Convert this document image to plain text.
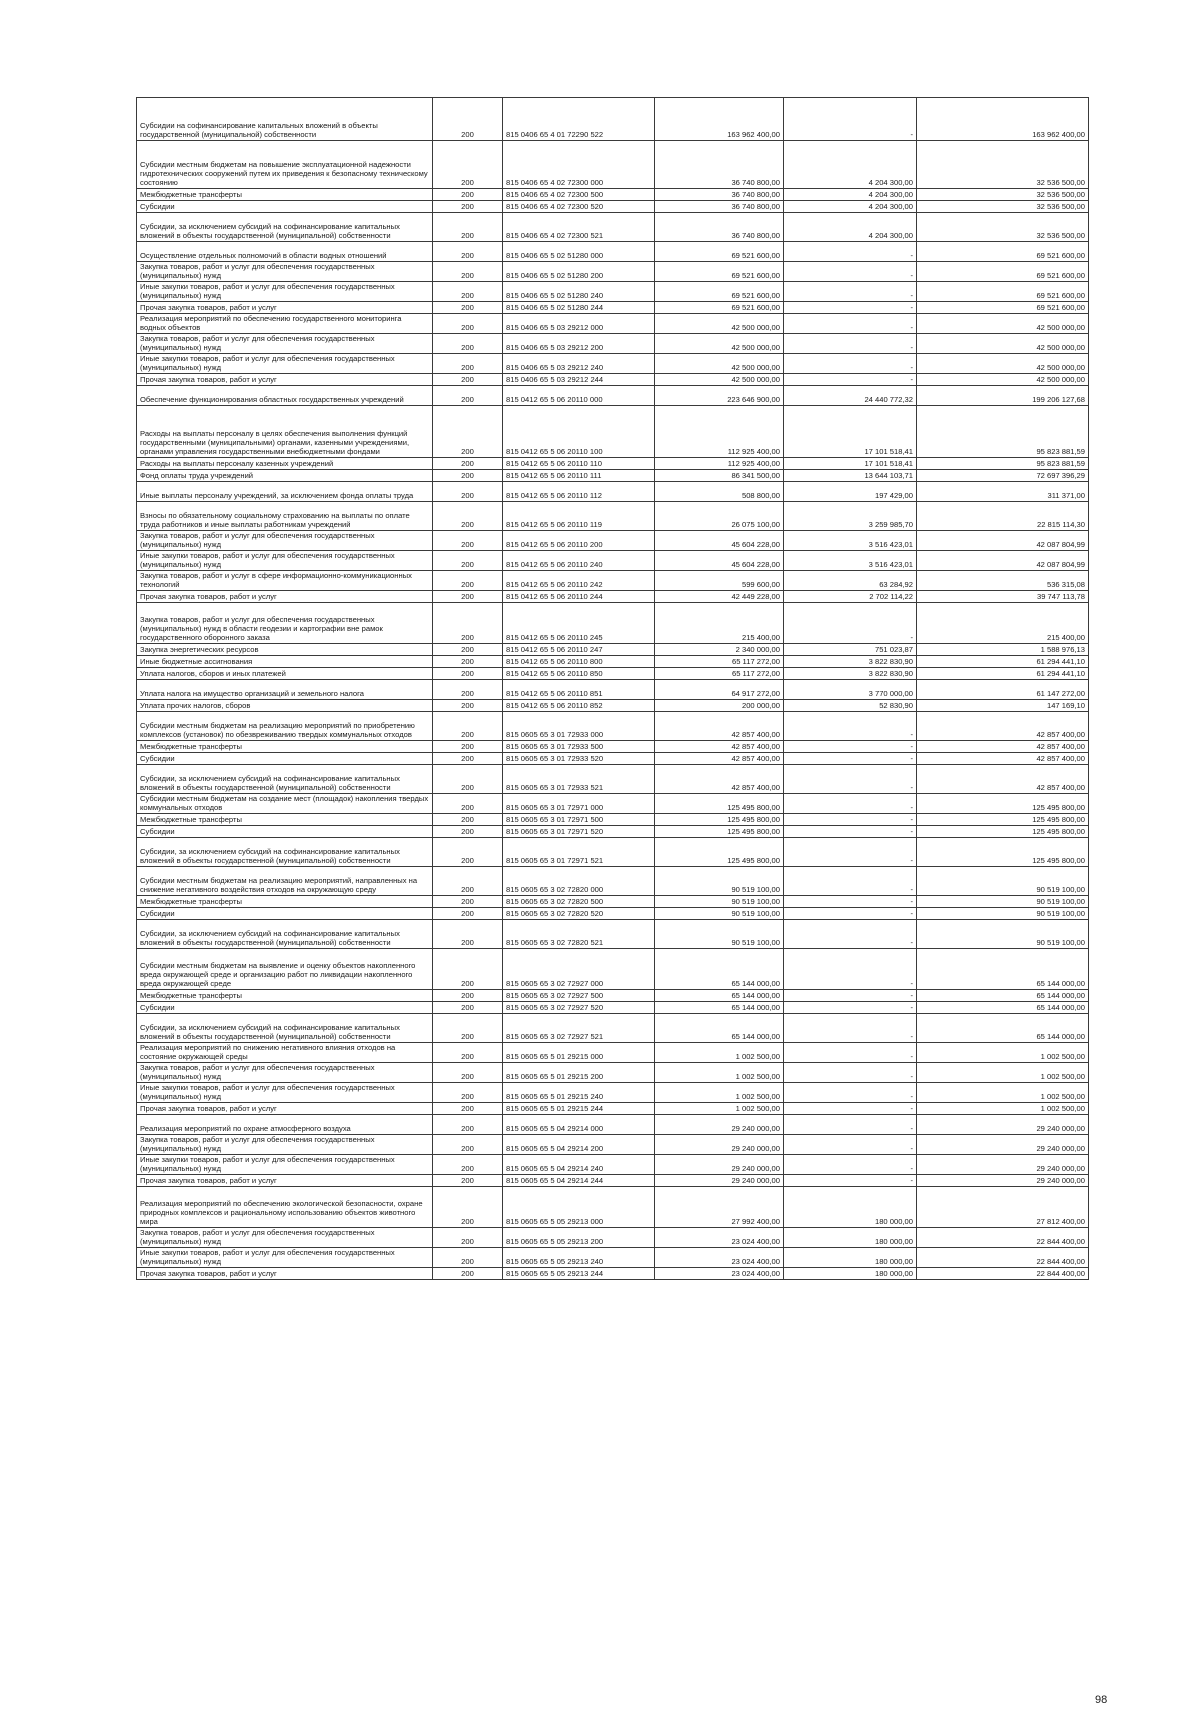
Субсидии на софинансирование капитальных вложений в объекты государственной (муниципальной) собственности	200	815 0406 65 4 01 72290 522	163 962 400,00	-	163 962 400,00
Субсидии местным бюджетам на повышение эксплуатационной надежности гидротехнических сооружений путем их приведения к безопасному техническому состоянию	200	815 0406 65 4 02 72300 000	36 740 800,00	4 204 300,00	32 536 500,00
Межбюджетные трансферты	200	815 0406 65 4 02 72300 500	36 740 800,00	4 204 300,00	32 536 500,00
Субсидии	200	815 0406 65 4 02 72300 520	36 740 800,00	4 204 300,00	32 536 500,00
Субсидии, за исключением субсидий на софинансирование капитальных вложений в объекты государственной (муниципальной) собственности	200	815 0406 65 4 02 72300 521	36 740 800,00	4 204 300,00	32 536 500,00
Осуществление отдельных полномочий в области водных отношений	200	815 0406 65 5 02 51280 000	69 521 600,00	-	69 521 600,00
Закупка товаров, работ и услуг для обеспечения государственных (муниципальных) нужд	200	815 0406 65 5 02 51280 200	69 521 600,00	-	69 521 600,00
Иные закупки товаров, работ и услуг для обеспечения государственных (муниципальных) нужд	200	815 0406 65 5 02 51280 240	69 521 600,00	-	69 521 600,00
Прочая закупка товаров, работ и услуг	200	815 0406 65 5 02 51280 244	69 521 600,00	-	69 521 600,00
Реализация мероприятий по обеспечению государственного мониторинга водных объектов	200	815 0406 65 5 03 29212 000	42 500 000,00	-	42 500 000,00
Закупка товаров, работ и услуг для обеспечения государственных (муниципальных) нужд	200	815 0406 65 5 03 29212 200	42 500 000,00	-	42 500 000,00
Иные закупки товаров, работ и услуг для обеспечения государственных (муниципальных) нужд	200	815 0406 65 5 03 29212 240	42 500 000,00	-	42 500 000,00
Прочая закупка товаров, работ и услуг	200	815 0406 65 5 03 29212 244	42 500 000,00	-	42 500 000,00
Обеспечение функционирования областных государственных учреждений	200	815 0412 65 5 06 20110 000	223 646 900,00	24 440 772,32	199 206 127,68
Расходы на выплаты персоналу в целях обеспечения выполнения функций государственными (муниципальными) органами, казенными учреждениями, органами управления государственными внебюджетными фондами	200	815 0412 65 5 06 20110 100	112 925 400,00	17 101 518,41	95 823 881,59
Расходы на выплаты персоналу казенных учреждений	200	815 0412 65 5 06 20110 110	112 925 400,00	17 101 518,41	95 823 881,59
Фонд оплаты труда учреждений	200	815 0412 65 5 06 20110 111	86 341 500,00	13 644 103,71	72 697 396,29
Иные выплаты персоналу учреждений, за исключением фонда оплаты труда	200	815 0412 65 5 06 20110 112	508 800,00	197 429,00	311 371,00
Взносы по обязательному социальному страхованию на выплаты по оплате труда работников и иные выплаты работникам учреждений	200	815 0412 65 5 06 20110 119	26 075 100,00	3 259 985,70	22 815 114,30
Закупка товаров, работ и услуг для обеспечения государственных (муниципальных) нужд	200	815 0412 65 5 06 20110 200	45 604 228,00	3 516 423,01	42 087 804,99
Иные закупки товаров, работ и услуг для обеспечения государственных (муниципальных) нужд	200	815 0412 65 5 06 20110 240	45 604 228,00	3 516 423,01	42 087 804,99
Закупка товаров, работ и услуг в сфере информационно-коммуникационных технологий	200	815 0412 65 5 06 20110 242	599 600,00	63 284,92	536 315,08
Прочая закупка товаров, работ и услуг	200	815 0412 65 5 06 20110 244	42 449 228,00	2 702 114,22	39 747 113,78
Закупка товаров, работ и услуг для обеспечения государственных (муниципальных) нужд в области геодезии и картографии вне рамок государственного оборонного заказа	200	815 0412 65 5 06 20110 245	215 400,00	-	215 400,00
Закупка энергетических ресурсов	200	815 0412 65 5 06 20110 247	2 340 000,00	751 023,87	1 588 976,13
Иные бюджетные ассигнования	200	815 0412 65 5 06 20110 800	65 117 272,00	3 822 830,90	61 294 441,10
Уплата налогов, сборов и иных платежей	200	815 0412 65 5 06 20110 850	65 117 272,00	3 822 830,90	61 294 441,10
Уплата налога на имущество организаций и земельного налога	200	815 0412 65 5 06 20110 851	64 917 272,00	3 770 000,00	61 147 272,00
Уплата прочих налогов, сборов	200	815 0412 65 5 06 20110 852	200 000,00	52 830,90	147 169,10
Субсидии местным бюджетам на реализацию мероприятий по приобретению комплексов (установок) по обезвреживанию твердых коммунальных отходов	200	815 0605 65 3 01 72933 000	42 857 400,00	-	42 857 400,00
Межбюджетные трансферты	200	815 0605 65 3 01 72933 500	42 857 400,00	-	42 857 400,00
Субсидии	200	815 0605 65 3 01 72933 520	42 857 400,00	-	42 857 400,00
Субсидии, за исключением субсидий на софинансирование капитальных вложений в объекты государственной (муниципальной) собственности	200	815 0605 65 3 01 72933 521	42 857 400,00	-	42 857 400,00
Субсидии местным бюджетам на создание мест (площадок) накопления твердых коммунальных отходов	200	815 0605 65 3 01 72971 000	125 495 800,00	-	125 495 800,00
Межбюджетные трансферты	200	815 0605 65 3 01 72971 500	125 495 800,00	-	125 495 800,00
Субсидии	200	815 0605 65 3 01 72971 520	125 495 800,00	-	125 495 800,00
Субсидии, за исключением субсидий на софинансирование капитальных вложений в объекты государственной (муниципальной) собственности	200	815 0605 65 3 01 72971 521	125 495 800,00	-	125 495 800,00
Субсидии местным бюджетам на реализацию мероприятий, направленных на снижение негативного воздействия отходов на окружающую среду	200	815 0605 65 3 02 72820 000	90 519 100,00	-	90 519 100,00
Межбюджетные трансферты	200	815 0605 65 3 02 72820 500	90 519 100,00	-	90 519 100,00
Субсидии	200	815 0605 65 3 02 72820 520	90 519 100,00	-	90 519 100,00
Субсидии, за исключением субсидий на софинансирование капитальных вложений в объекты государственной (муниципальной) собственности	200	815 0605 65 3 02 72820 521	90 519 100,00	-	90 519 100,00
Субсидии местным бюджетам на выявление и оценку объектов накопленного вреда окружающей среде и организацию работ по ликвидации накопленного вреда окружающей среде	200	815 0605 65 3 02 72927 000	65 144 000,00	-	65 144 000,00
Межбюджетные трансферты	200	815 0605 65 3 02 72927 500	65 144 000,00	-	65 144 000,00
Субсидии	200	815 0605 65 3 02 72927 520	65 144 000,00	-	65 144 000,00
Субсидии, за исключением субсидий на софинансирование капитальных вложений в объекты государственной (муниципальной) собственности	200	815 0605 65 3 02 72927 521	65 144 000,00	-	65 144 000,00
Реализация мероприятий по снижению негативного влияния отходов на состояние окружающей среды	200	815 0605 65 5 01 29215 000	1 002 500,00	-	1 002 500,00
Закупка товаров, работ и услуг для обеспечения государственных (муниципальных) нужд	200	815 0605 65 5 01 29215 200	1 002 500,00	-	1 002 500,00
Иные закупки товаров, работ и услуг для обеспечения государственных (муниципальных) нужд	200	815 0605 65 5 01 29215 240	1 002 500,00	-	1 002 500,00
Прочая закупка товаров, работ и услуг	200	815 0605 65 5 01 29215 244	1 002 500,00	-	1 002 500,00
Реализация мероприятий по охране атмосферного воздуха	200	815 0605 65 5 04 29214 000	29 240 000,00	-	29 240 000,00
Закупка товаров, работ и услуг для обеспечения государственных (муниципальных) нужд	200	815 0605 65 5 04 29214 200	29 240 000,00	-	29 240 000,00
Иные закупки товаров, работ и услуг для обеспечения государственных (муниципальных) нужд	200	815 0605 65 5 04 29214 240	29 240 000,00	-	29 240 000,00
Прочая закупка товаров, работ и услуг	200	815 0605 65 5 04 29214 244	29 240 000,00	-	29 240 000,00
Реализация мероприятий по обеспечению экологической безопасности, охране природных комплексов и рациональному использованию объектов животного мира	200	815 0605 65 5 05 29213 000	27 992 400,00	180 000,00	27 812 400,00
Закупка товаров, работ и услуг для обеспечения государственных (муниципальных) нужд	200	815 0605 65 5 05 29213 200	23 024 400,00	180 000,00	22 844 400,00
Иные закупки товаров, работ и услуг для обеспечения государственных (муниципальных) нужд	200	815 0605 65 5 05 29213 240	23 024 400,00	180 000,00	22 844 400,00
Прочая закупка товаров, работ и услуг	200	815 0605 65 5 05 29213 244	23 024 400,00	180 000,00	22 844 400,00
98
